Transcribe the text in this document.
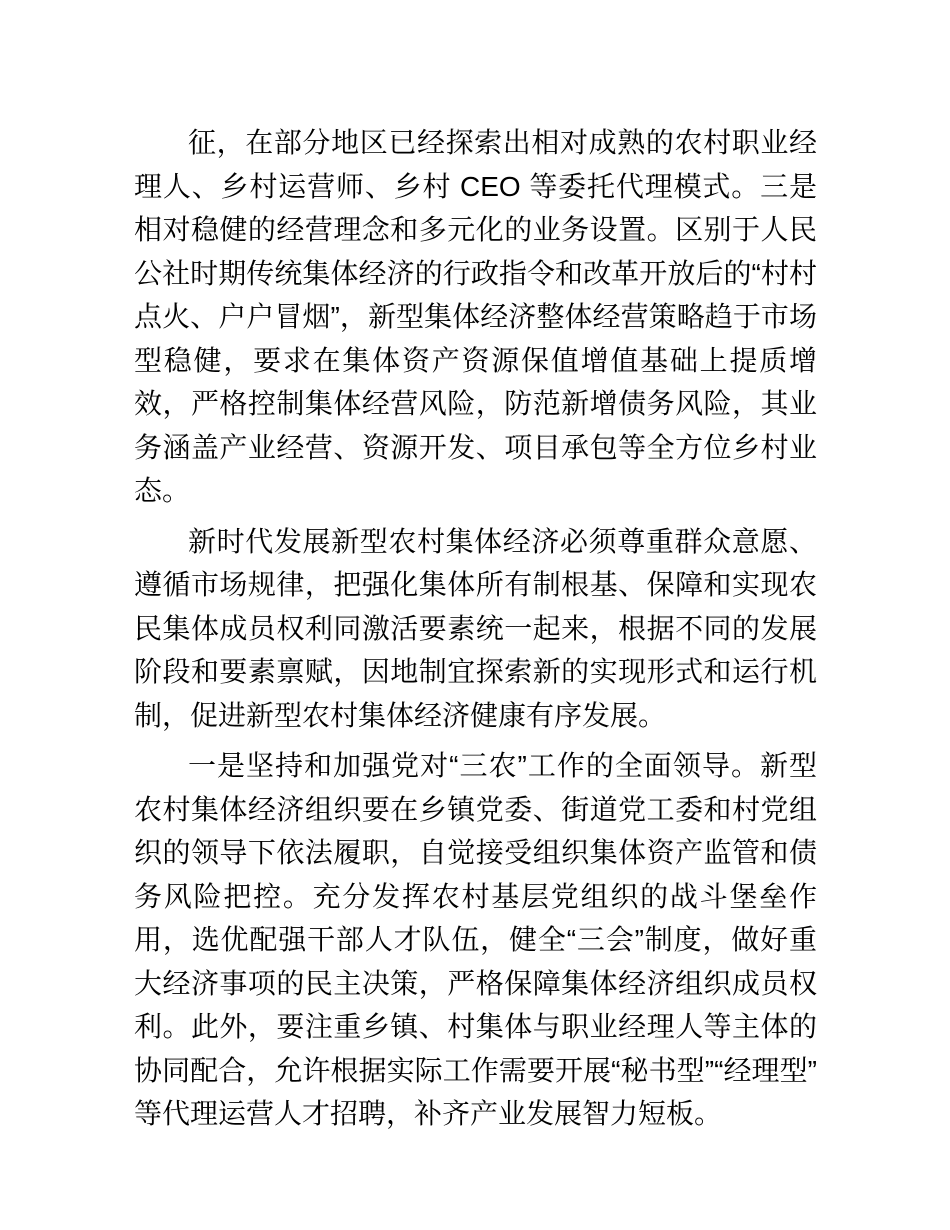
征，在部分地区已经探索出相对成熟的农村职业经理人、乡村运营师、乡村 CEO 等委托代理模式。三是相对稳健的经营理念和多元化的业务设置。区别于人民公社时期传统集体经济的行政指令和改革开放后的“村村点火、户户冒烟”，新型集体经济整体经营策略趋于市场型稳健，要求在集体资产资源保值增值基础上提质增效，严格控制集体经营风险，防范新增债务风险，其业务涵盖产业经营、资源开发、项目承包等全方位乡村业态。

新时代发展新型农村集体经济必须尊重群众意愿、遵循市场规律，把强化集体所有制根基、保障和实现农民集体成员权利同激活要素统一起来，根据不同的发展阶段和要素禀赋，因地制宜探索新的实现形式和运行机制，促进新型农村集体经济健康有序发展。

一是坚持和加强党对“三农”工作的全面领导。新型农村集体经济组织要在乡镇党委、街道党工委和村党组织的领导下依法履职，自觉接受组织集体资产监管和债务风险把控。充分发挥农村基层党组织的战斗堡垒作用，选优配强干部人才队伍，健全“三会”制度，做好重大经济事项的民主决策，严格保障集体经济组织成员权利。此外，要注重乡镇、村集体与职业经理人等主体的协同配合，允许根据实际工作需要开展“秘书型”“经理型”等代理运营人才招聘，补齐产业发展智力短板。
